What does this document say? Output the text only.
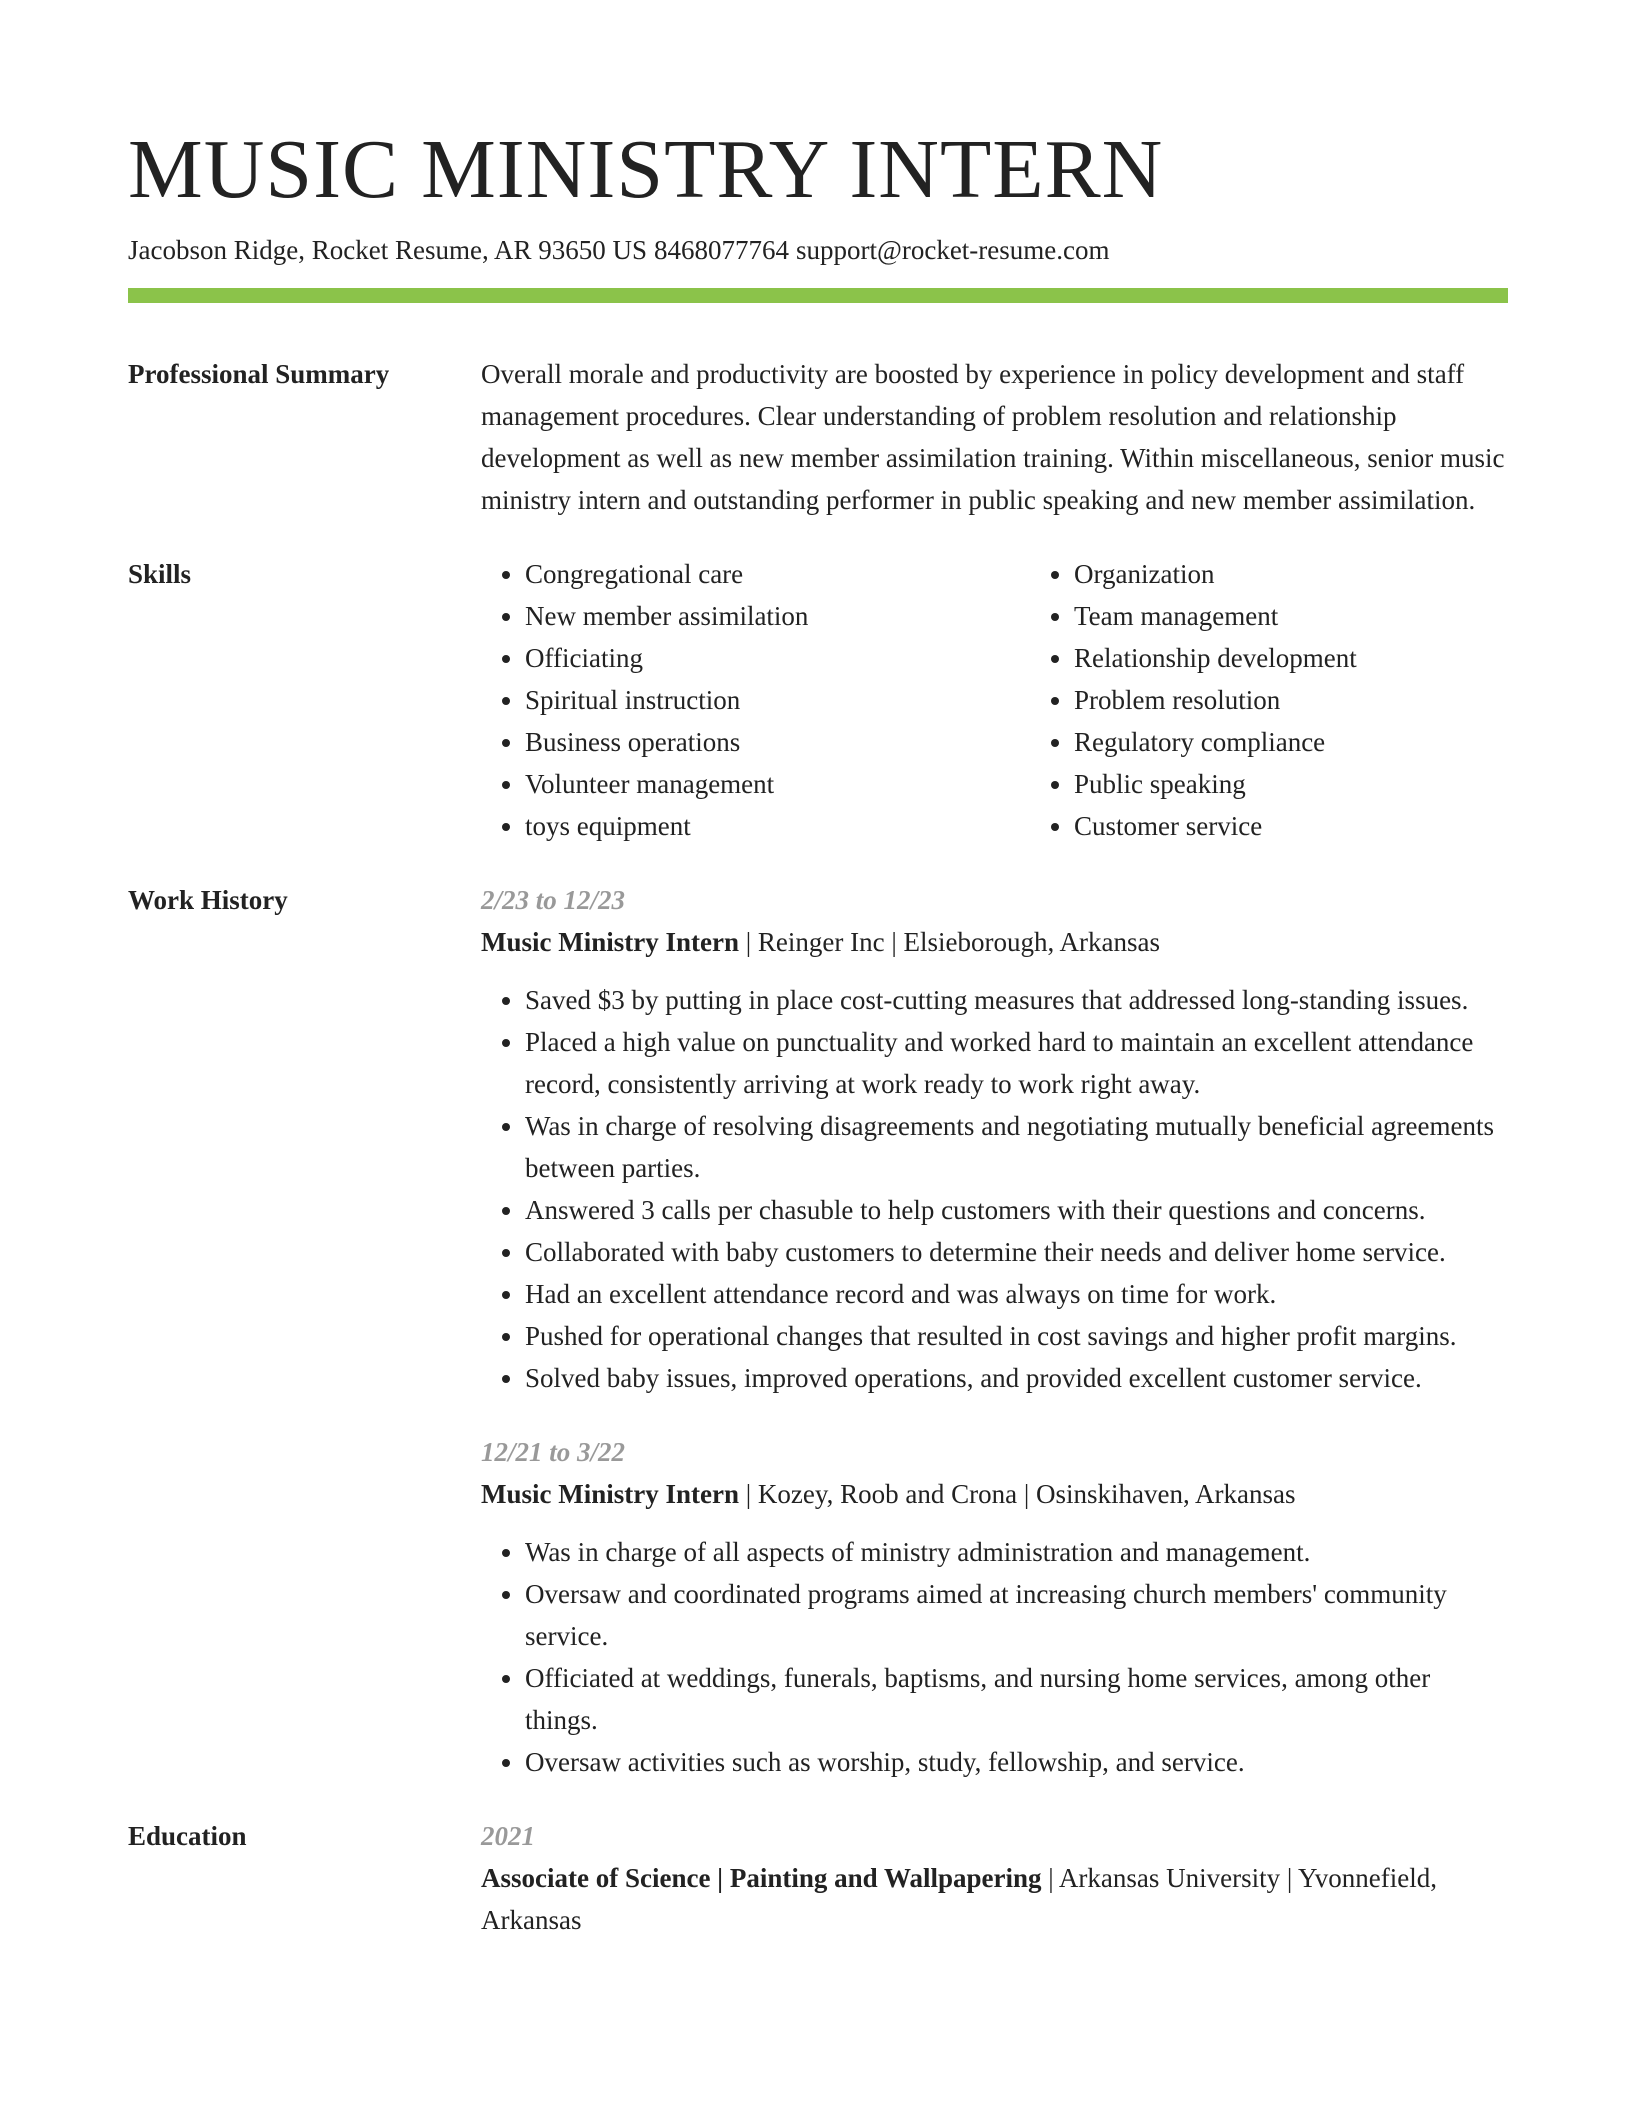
MUSIC MINISTRY INTERN
Jacobson Ridge, Rocket Resume, AR 93650 US 8468077764 support@rocket-resume.com
Professional Summary	Overall morale and productivity are boosted by experience in policy development and staff management procedures. Clear understanding of problem resolution and relationship development as well as new member assimilation training. Within miscellaneous, senior music ministry intern and outstanding performer in public speaking and new member assimilation.
Skills
•	Congregational care
• New member assimilation
• Officiating
• Spiritual instruction
• Business operations
• Volunteer management
• toys equipment
• Organization
• Team management
• Relationship development
• Problem resolution
• Regulatory compliance
• Public speaking
• Customer service
Work History	2/23 to 12/23
Music Ministry Intern | Reinger Inc | Elsieborough, Arkansas
• Saved $3 by putting in place cost-cutting measures that addressed long-standing issues.
• Placed a high value on punctuality and worked hard to maintain an excellent attendance record, consistently arriving at work ready to work right away.
• Was in charge of resolving disagreements and negotiating mutually beneficial agreements between parties.
• Answered 3 calls per chasuble to help customers with their questions and concerns.
• Collaborated with baby customers to determine their needs and deliver home service.
• Had an excellent attendance record and was always on time for work.
• Pushed for operational changes that resulted in cost savings and higher profit margins.
• Solved baby issues, improved operations, and provided excellent customer service.
12/21 to 3/22
Music Ministry Intern | Kozey, Roob and Crona | Osinskihaven, Arkansas
• Was in charge of all aspects of ministry administration and management.
• Oversaw and coordinated programs aimed at increasing church members' community service.
• Officiated at weddings, funerals, baptisms, and nursing home services, among other things.
• Oversaw activities such as worship, study, fellowship, and service.
Education	2021
Associate of Science | Painting and Wallpapering | Arkansas University | Yvonnefield, Arkansas
